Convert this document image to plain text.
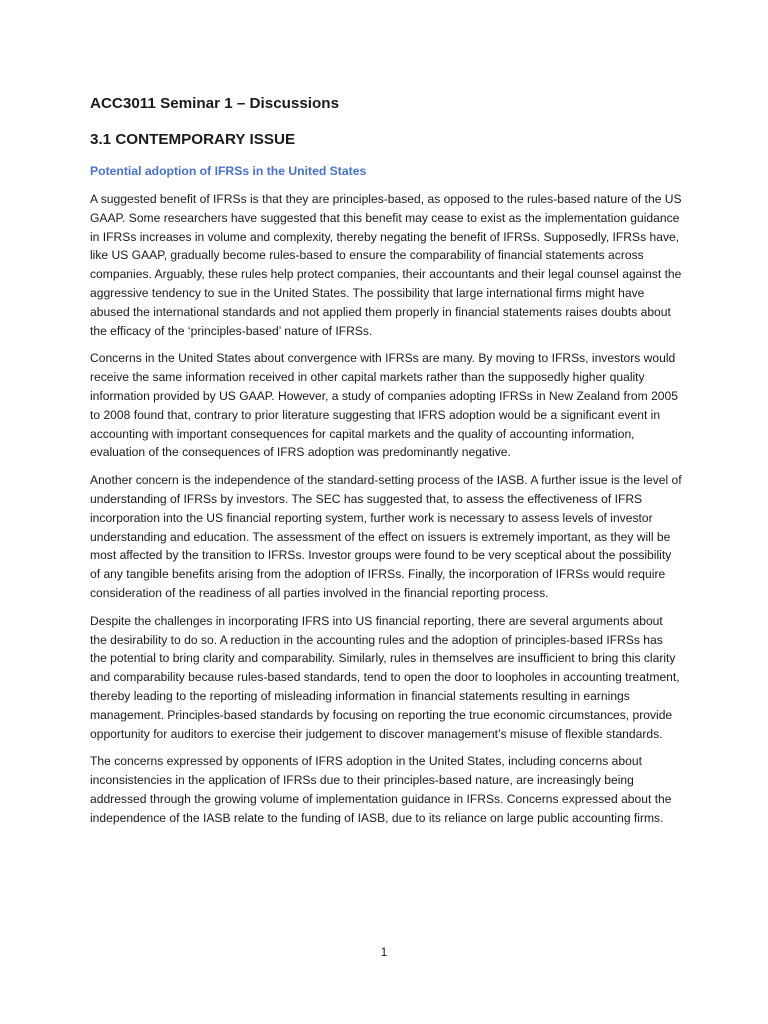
ACC3011 Seminar 1 – Discussions
3.1 CONTEMPORARY ISSUE
Potential adoption of IFRSs in the United States

A suggested benefit of IFRSs is that they are principles-based, as opposed to the rules-based nature of the US GAAP. Some researchers have suggested that this benefit may cease to exist as the implementation guidance in IFRSs increases in volume and complexity, thereby negating the benefit of IFRSs. Supposedly, IFRSs have, like US GAAP, gradually become rules-based to ensure the comparability of financial statements across companies. Arguably, these rules help protect companies, their accountants and their legal counsel against the aggressive tendency to sue in the United States. The possibility that large international firms might have abused the international standards and not applied them properly in financial statements raises doubts about the efficacy of the ‘principles-based’ nature of IFRSs.

Concerns in the United States about convergence with IFRSs are many. By moving to IFRSs, investors would receive the same information received in other capital markets rather than the supposedly higher quality information provided by US GAAP. However, a study of companies adopting IFRSs in New Zealand from 2005 to 2008 found that, contrary to prior literature suggesting that IFRS adoption would be a significant event in accounting with important consequences for capital markets and the quality of accounting information, evaluation of the consequences of IFRS adoption was predominantly negative.

Another concern is the independence of the standard-setting process of the IASB. A further issue is the level of understanding of IFRSs by investors. The SEC has suggested that, to assess the effectiveness of IFRS incorporation into the US financial reporting system, further work is necessary to assess levels of investor understanding and education. The assessment of the effect on issuers is extremely important, as they will be most affected by the transition to IFRSs. Investor groups were found to be very sceptical about the possibility of any tangible benefits arising from the adoption of IFRSs. Finally, the incorporation of IFRSs would require consideration of the readiness of all parties involved in the financial reporting process.

Despite the challenges in incorporating IFRS into US financial reporting, there are several arguments about the desirability to do so. A reduction in the accounting rules and the adoption of principles-based IFRSs has the potential to bring clarity and comparability. Similarly, rules in themselves are insufficient to bring this clarity and comparability because rules-based standards, tend to open the door to loopholes in accounting treatment, thereby leading to the reporting of misleading information in financial statements resulting in earnings management. Principles-based standards by focusing on reporting the true economic circumstances, provide opportunity for auditors to exercise their judgement to discover management’s misuse of flexible standards.

The concerns expressed by opponents of IFRS adoption in the United States, including concerns about inconsistencies in the application of IFRSs due to their principles-based nature, are increasingly being addressed through the growing volume of implementation guidance in IFRSs. Concerns expressed about the independence of the IASB relate to the funding of IASB, due to its reliance on large public accounting firms.

1
